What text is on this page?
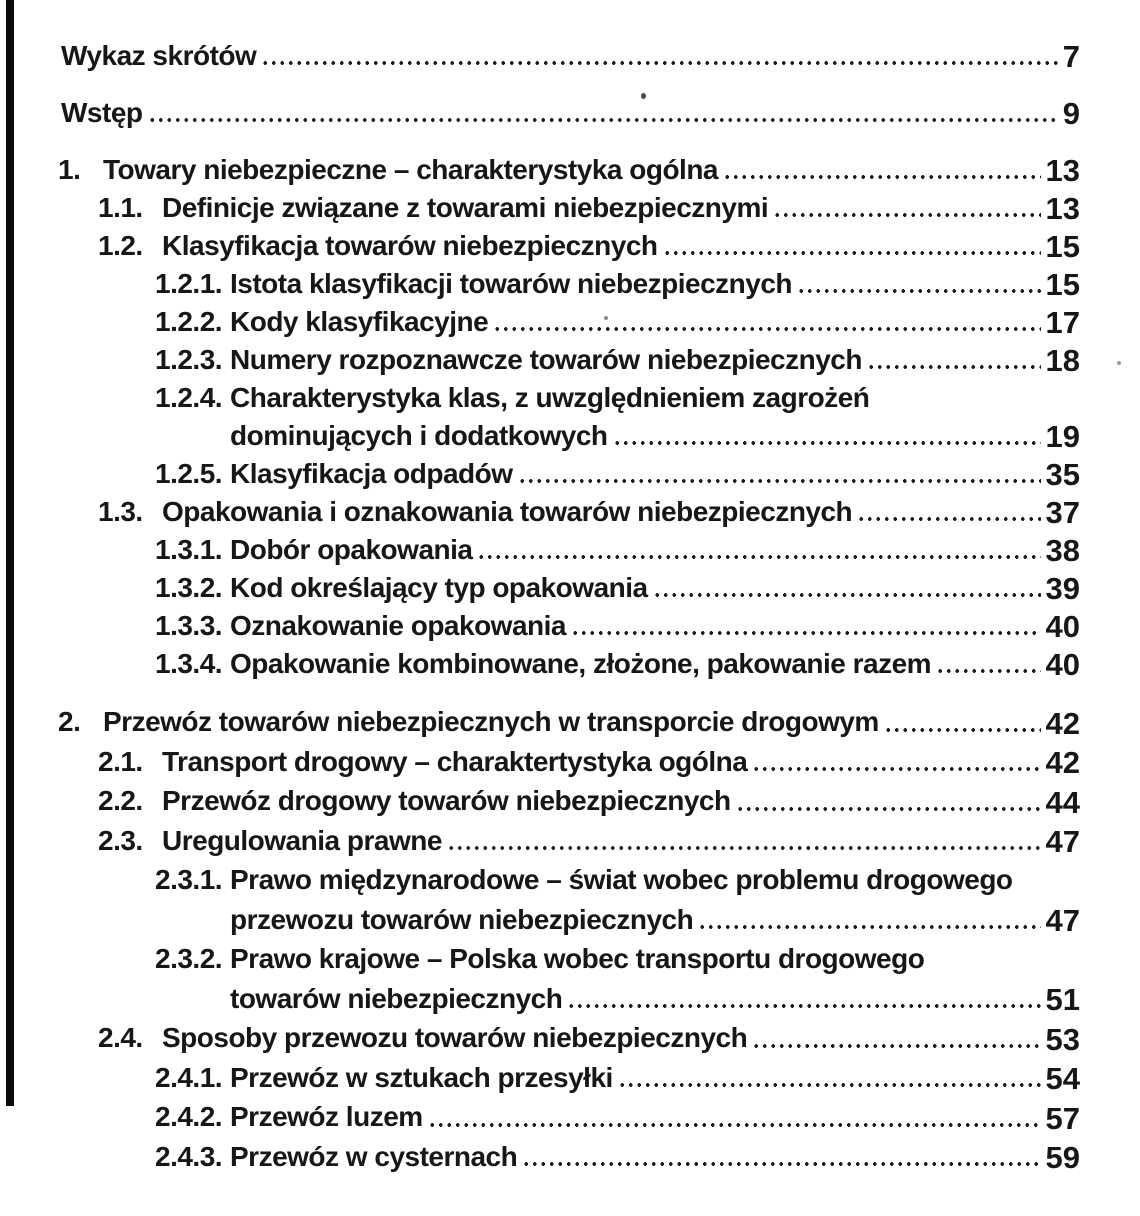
Wykaz skrótów	7
Wstęp	9
1. Towary niebezpieczne – charakterystyka ogólna	13
1.1. Definicje związane z towarami niebezpiecznymi	13
1.2. Klasyfikacja towarów niebezpiecznych	15
1.2.1. Istota klasyfikacji towarów niebezpiecznych	15
1.2.2. Kody klasyfikacyjne	17
1.2.3. Numery rozpoznawcze towarów niebezpiecznych	18
1.2.4. Charakterystyka klas, z uwzględnieniem zagrożeń
dominujących i dodatkowych	19
1.2.5. Klasyfikacja odpadów	35
1.3. Opakowania i oznakowania towarów niebezpiecznych	37
1.3.1. Dobór opakowania	38
1.3.2. Kod określający typ opakowania	39
1.3.3. Oznakowanie opakowania	40
1.3.4. Opakowanie kombinowane, złożone, pakowanie razem	40
2. Przewóz towarów niebezpiecznych w transporcie drogowym	42
2.1. Transport drogowy – charaktertystyka ogólna	42
2.2. Przewóz drogowy towarów niebezpiecznych	44
2.3. Uregulowania prawne	47
2.3.1. Prawo międzynarodowe – świat wobec problemu drogowego
przewozu towarów niebezpiecznych	47
2.3.2. Prawo krajowe – Polska wobec transportu drogowego
towarów niebezpiecznych	51
2.4. Sposoby przewozu towarów niebezpiecznych	53
2.4.1. Przewóz w sztukach przesyłki	54
2.4.2. Przewóz luzem	57
2.4.3. Przewóz w cysternach	59
